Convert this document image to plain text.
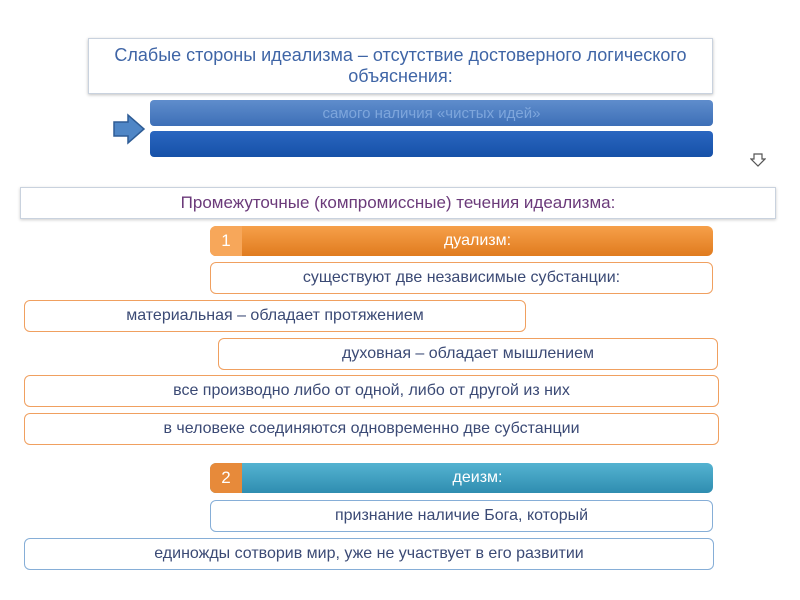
Слабые стороны идеализма – отсутствие достоверного логического объяснения:
самого наличия «чистых идей»
Промежуточные (компромиссные) течения идеализма:
1	дуализм:
существуют две независимые субстанции:
материальная – обладает протяжением
духовная – обладает мышлением
все производно либо от одной, либо от другой из них
в человеке соединяются одновременно две субстанции
2	деизм:
признание наличие Бога, который
единожды сотворив мир, уже не участвует в его развитии
